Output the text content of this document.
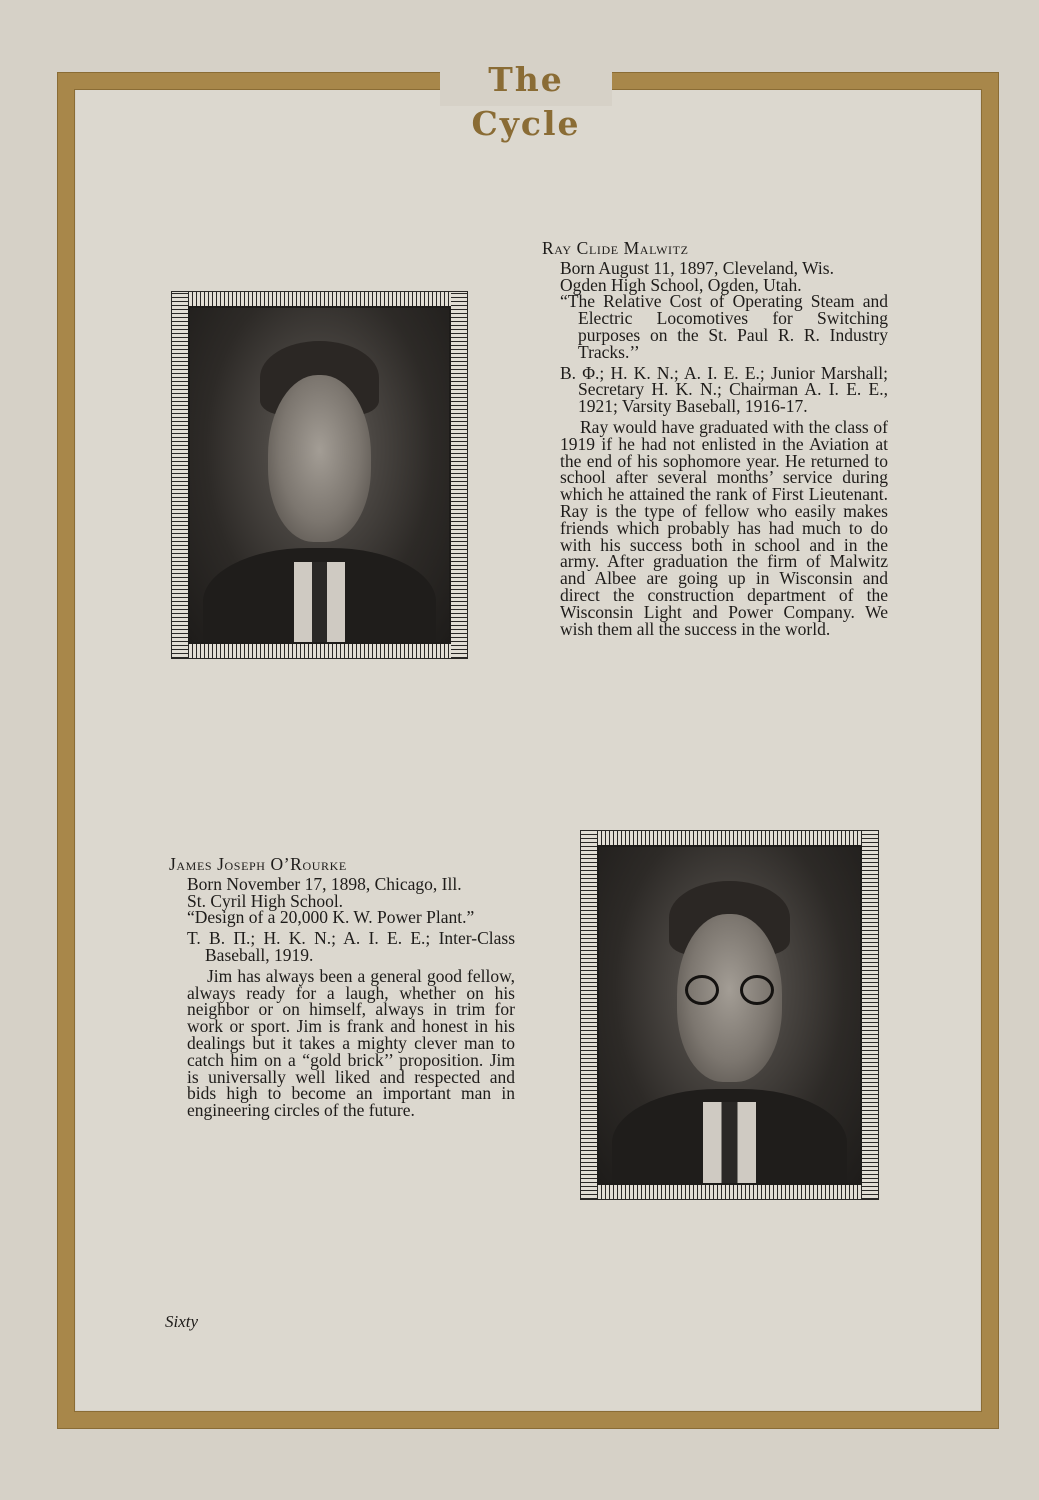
The Cycle
Ray Clide Malwitz
Born August 11, 1897, Cleveland, Wis.
Ogden High School, Ogden, Utah.
“The Relative Cost of Operating Steam and Electric Locomotives for Switching purposes on the St. Paul R. R. Industry Tracks.’’
B. Φ.; H. K. N.; A. I. E. E.; Junior Marshall; Secretary H. K. N.; Chairman A. I. E. E., 1921; Varsity Baseball, 1916-17.
Ray would have graduated with the class of 1919 if he had not enlisted in the Aviation at the end of his sophomore year. He returned to school after several months’ service during which he attained the rank of First Lieutenant. Ray is the type of fellow who easily makes friends which probably has had much to do with his success both in school and in the army. After graduation the firm of Malwitz and Albee are going up in Wisconsin and direct the construction department of the Wisconsin Light and Power Company. We wish them all the success in the world.
James Joseph O’Rourke
Born November 17, 1898, Chicago, Ill.
St. Cyril High School.
“Design of a 20,000 K. W. Power Plant.”
T. B. Π.; H. K. N.; A. I. E. E.; Inter-Class Baseball, 1919.
Jim has always been a general good fellow, always ready for a laugh, whether on his neighbor or on himself, always in trim for work or sport. Jim is frank and honest in his dealings but it takes a mighty clever man to catch him on a “gold brick’’ proposition. Jim is universally well liked and respected and bids high to become an important man in engineering circles of the future.
Sixty
